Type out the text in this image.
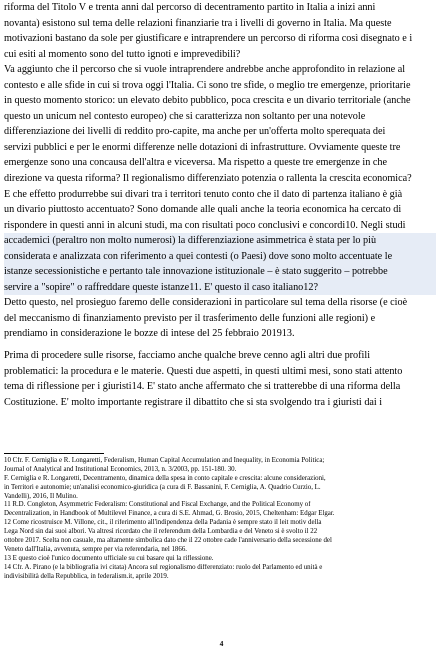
riforma del Titolo V e trenta anni dal percorso di decentramento partito in Italia a inizi anni
novanta) esistono sul tema delle relazioni finanziarie tra i livelli di governo in Italia. Ma queste
motivazioni bastano da sole per giustificare e intraprendere un percorso di riforma così disegnato e i
cui esiti al momento sono del tutto ignoti e imprevedibili?
Va aggiunto che il percorso che si vuole intraprendere andrebbe anche approfondito in relazione al
contesto e alle sfide in cui si trova oggi l'Italia. Ci sono tre sfide, o meglio tre emergenze, prioritarie
in questo momento storico: un elevato debito pubblico, poca crescita e un divario territoriale (anche
questo un unicum nel contesto europeo) che si caratterizza non soltanto per una notevole
differenziazione dei livelli di reddito pro-capite, ma anche per un'offerta molto sperequata dei
servizi pubblici e per le enormi differenze nelle dotazioni di infrastrutture. Ovviamente queste tre
emergenze sono una concausa dell'altra e viceversa. Ma rispetto a queste tre emergenze in che
direzione va questa riforma? Il regionalismo differenziato potenzia o rallenta la crescita economica?
E che effetto produrrebbe sui divari tra i territori tenuto conto che il dato di partenza italiano è già
un divario piuttosto accentuato? Sono domande alle quali anche la teoria economica ha cercato di
rispondere in questi anni in alcuni studi, ma con risultati poco conclusivi e concordi10. Negli studi
accademici (peraltro non molto numerosi) la differenziazione asimmetrica è stata per lo più
considerata e analizzata con riferimento a quei contesti (o Paesi) dove sono molto accentuate le
istanze secessionistiche e pertanto tale innovazione istituzionale – è stato suggerito – potrebbe
servire a "sopire" o raffreddare queste istanze11. E' questo il caso italiano12?
Detto questo, nel prosieguo faremo delle considerazioni in particolare sul tema della risorse (e cioè
del meccanismo di finanziamento previsto per il trasferimento delle funzioni alle regioni) e
prendiamo in considerazione le bozze di intese del 25 febbraio 201913.
Prima di procedere sulle risorse, facciamo anche qualche breve cenno agli altri due profili
problematici: la procedura e le materie. Questi due aspetti, in questi ultimi mesi, sono stati attento
tema di riflessione per i giuristi14. E' stato anche affermato che si tratterebbe di una riforma della
Costituzione. E' molto importante registrare il dibattito che si sta svolgendo tra i giuristi dai i
10 Cfr. F. Cerniglia e R. Longaretti, Federalism, Human Capital Accumulation and Inequality, in Economia Politica;
Journal of Analytical and Institutional Economics, 2013, n. 3/2003, pp. 151-180. 30.
F. Cerniglia e R. Longaretti, Decentramento, dinamica della spesa in conto capitale e crescita: alcune considerazioni,
in Territori e autonomie; un'analisi economico-giuridica (a cura di F. Bassanini, F. Cerniglia, A. Quadrio Curzio, L.
Vandelli), 2016, Il Mulino.
11 R.D. Congleton, Asymmetric Federalism: Constitutional and Fiscal Exchange, and the Political Economy of
Decentralization, in Handbook of Multilevel Finance, a cura di S.E. Ahmad, G. Brosio, 2015, Cheltenham: Edgar Elgar.
12 Come ricostruisce M. Villone, cit., il riferimento all'indipendenza della Padania è sempre stato il leit motiv della
Lega Nord sin dai suoi albori. Va altresì ricordato che il referendum della Lombardia e del Veneto si è svolto il 22
ottobre 2017. Scelta non casuale, ma altamente simbolica dato che il 22 ottobre cade l'anniversario della secessione del
Veneto dall'Italia, avvenuta, sempre per via referendaria, nel 1866.
13 È questo cioè l'unico documento ufficiale su cui basare qui la riflessione.
14 Cfr. A. Pirano (e la bibliografia ivi citata) Ancora sul regionalismo differenziato: ruolo del Parlamento ed unità e
indivisibilità della Repubblica, in federalism.it, aprile 2019.
4
